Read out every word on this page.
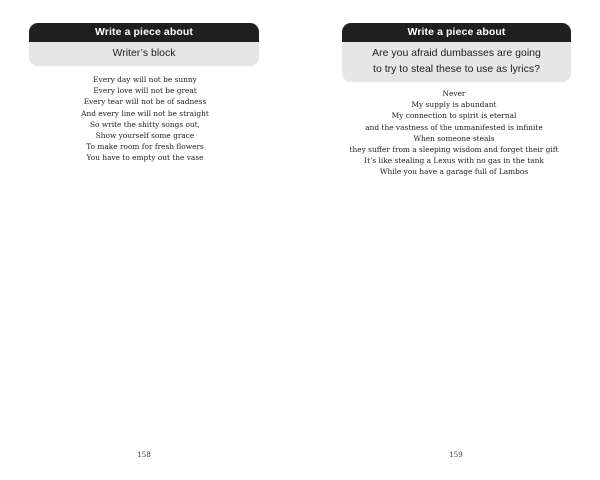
Write a piece about
Writer’s block
Every day will not be sunny
Every love will not be great
Every tear will not be of sadness
And every line will not be straight
So write the shitty songs out,
Show yourself some grace
To make room for fresh flowers
You have to empty out the vase
158
Write a piece about
Are you afraid dumbasses are going
to try to steal these to use as lyrics?
Never
My supply is abundant
My connection to spirit is eternal
and the vastness of the unmanifested is infinite
When someone steals
they suffer from a sleeping wisdom and forget their gift
It’s like stealing a Lexus with no gas in the tank
While you have a garage full of Lambos
159
